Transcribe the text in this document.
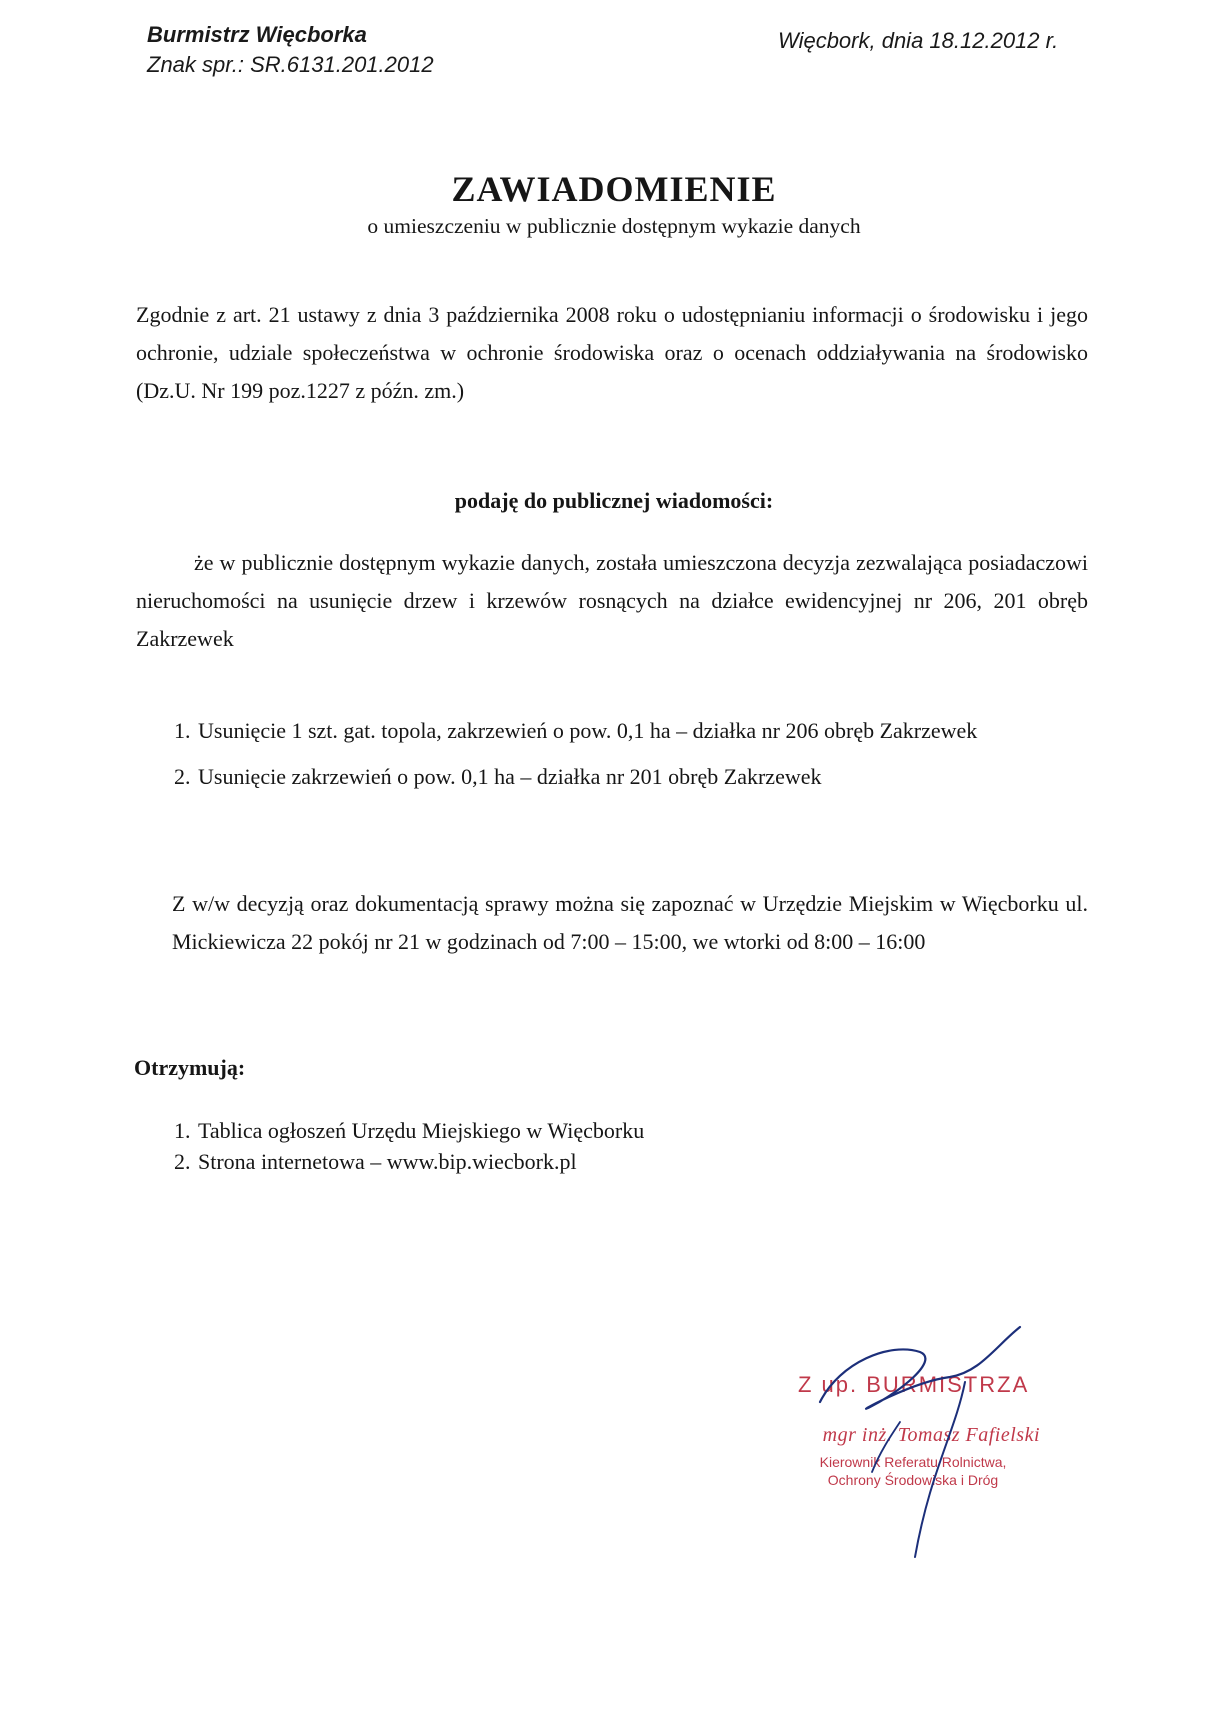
Burmistrz Więcborka
Znak spr.: SR.6131.201.2012
Więcbork, dnia 18.12.2012 r.
ZAWIADOMIENIE
o umieszczeniu w publicznie dostępnym wykazie danych

Zgodnie z art. 21 ustawy z dnia 3 października 2008 roku o udostępnianiu informacji o środowisku i jego ochronie, udziale społeczeństwa w ochronie środowiska oraz o ocenach oddziaływania na środowisko (Dz.U. Nr 199 poz.1227 z późn. zm.)

podaję do publicznej wiadomości:

że w publicznie dostępnym wykazie danych, została umieszczona decyzja zezwalająca posiadaczowi nieruchomości na usunięcie drzew i krzewów rosnących na działce ewidencyjnej nr 206, 201 obręb Zakrzewek

1. Usunięcie 1 szt. gat. topola, zakrzewień o pow. 0,1 ha – działka nr 206 obręb Zakrzewek
2. Usunięcie zakrzewień o pow. 0,1 ha – działka nr 201 obręb Zakrzewek

Z w/w decyzją oraz dokumentacją sprawy można się zapoznać w Urzędzie Miejskim w Więcborku ul. Mickiewicza 22 pokój nr 21 w godzinach od 7:00 – 15:00, we wtorki od 8:00 – 16:00

Otrzymują:
1. Tablica ogłoszeń Urzędu Miejskiego w Więcborku
2. Strona internetowa – www.bip.wiecbork.pl
Z up. BURMISTRZA
mgr inż. Tomasz Fafielski
Kierownik Referatu Rolnictwa,
Ochrony Środowiska i Dróg
